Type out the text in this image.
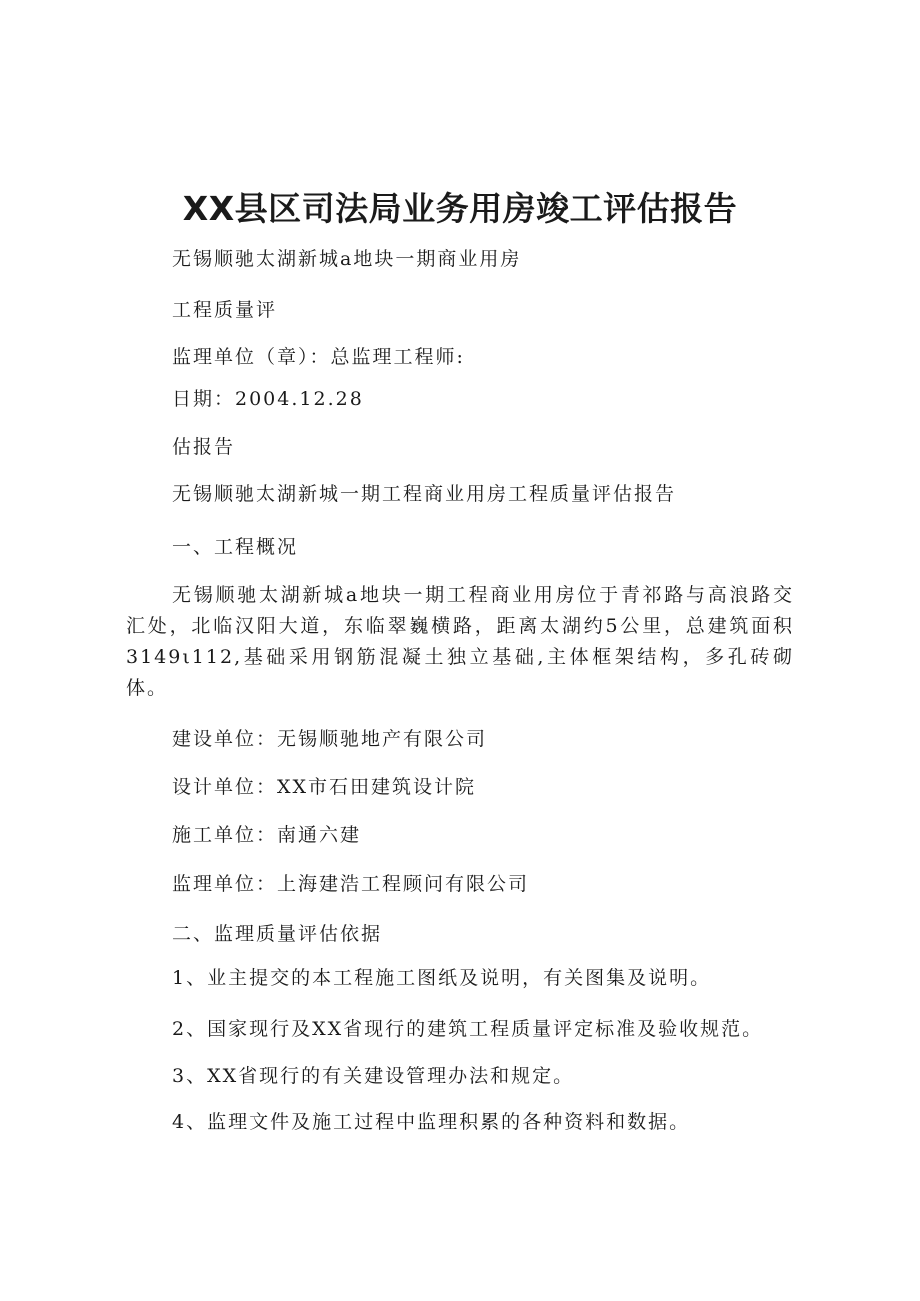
XX县区司法局业务用房竣工评估报告
无锡顺驰太湖新城a地块一期商业用房
工程质量评
监理单位（章）：总监理工程师:
日期：2004.12.28
估报告
无锡顺驰太湖新城一期工程商业用房工程质量评估报告
一、工程概况
无锡顺驰太湖新城a地块一期工程商业用房位于青祁路与高浪路交汇处，北临汉阳大道，东临翠巍横路，距离太湖约5公里，总建筑面积3149ι112,基础采用钢筋混凝土独立基础,主体框架结构，多孔砖砌体。
建设单位：无锡顺驰地产有限公司
设计单位：XX市石田建筑设计院
施工单位：南通六建
监理单位：上海建浩工程顾问有限公司
二、监理质量评估依据
1、业主提交的本工程施工图纸及说明，有关图集及说明。
2、国家现行及XX省现行的建筑工程质量评定标准及验收规范。
3、XX省现行的有关建设管理办法和规定。
4、监理文件及施工过程中监理积累的各种资料和数据。
